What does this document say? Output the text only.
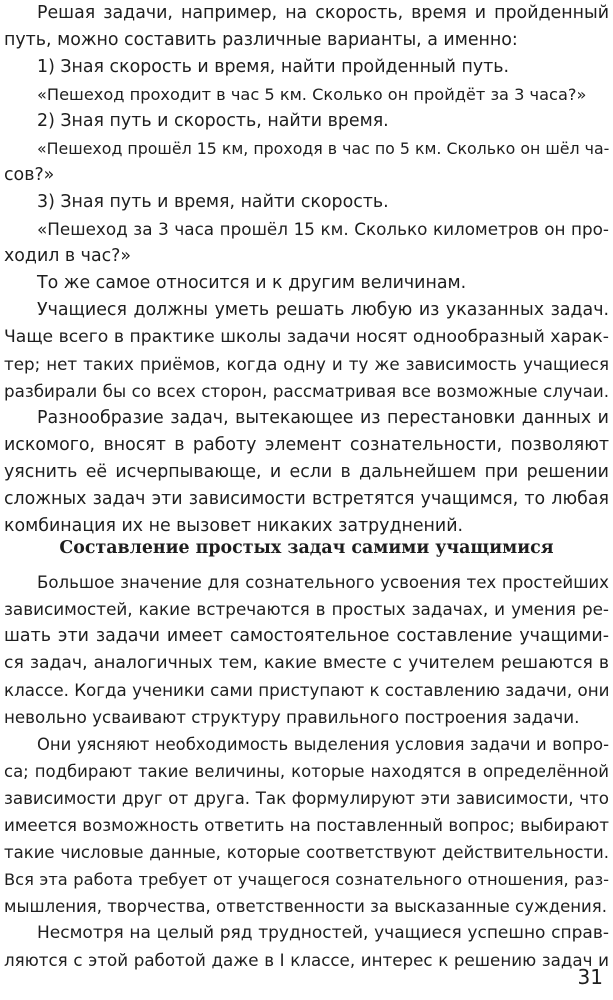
Решая задачи, например, на скорость, время и пройденный

путь, можно составить различные варианты, а именно:

1) Зная скорость и время, найти пройденный путь.

«Пешеход проходит в час 5 км. Сколько он пройдёт за 3 часа?»

2) Зная путь и скорость, найти время.

«Пешеход прошёл 15 км, проходя в час по 5 км. Сколько он шёл ча-

сов?»

3) Зная путь и время, найти скорость.

«Пешеход за 3 часа прошёл 15 км. Сколько километров он про-

ходил в час?»

То же самое относится и к другим величинам.

Учащиеся должны уметь решать любую из указанных задач.

Чаще всего в практике школы задачи носят однообразный харак-

тер; нет таких приёмов, когда одну и ту же зависимость учащиеся

разбирали бы со всех сторон, рассматривая все возможные случаи.

Разнообразие задач, вытекающее из перестановки данных и

искомого, вносят в работу элемент сознательности, позволяют

уяснить её исчерпывающе, и если в дальнейшем при решении

сложных задач эти зависимости встретятся учащимся, то любая

комбинация их не вызовет никаких затруднений.

Составление простых задач самими учащимися

Большое значение для сознательного усвоения тех простейших

зависимостей, какие встречаются в простых задачах, и умения ре-

шать эти задачи имеет самостоятельное составление учащими-

ся задач, аналогичных тем, какие вместе с учителем решаются в

классе. Когда ученики сами приступают к составлению задачи, они

невольно усваивают структуру правильного построения задачи.

Они уясняют необходимость выделения условия задачи и вопро-

са; подбирают такие величины, которые находятся в определённой

зависимости друг от друга. Так формулируют эти зависимости, что

имеется возможность ответить на поставленный вопрос; выбирают

такие числовые данные, которые соответствуют действительности.

Вся эта работа требует от учащегося сознательного отношения, раз-

мышления, творчества, ответственности за высказанные суждения.

Несмотря на целый ряд трудностей, учащиеся успешно справ-

ляются с этой работой даже в I классе, интерес к решению задач и

31
